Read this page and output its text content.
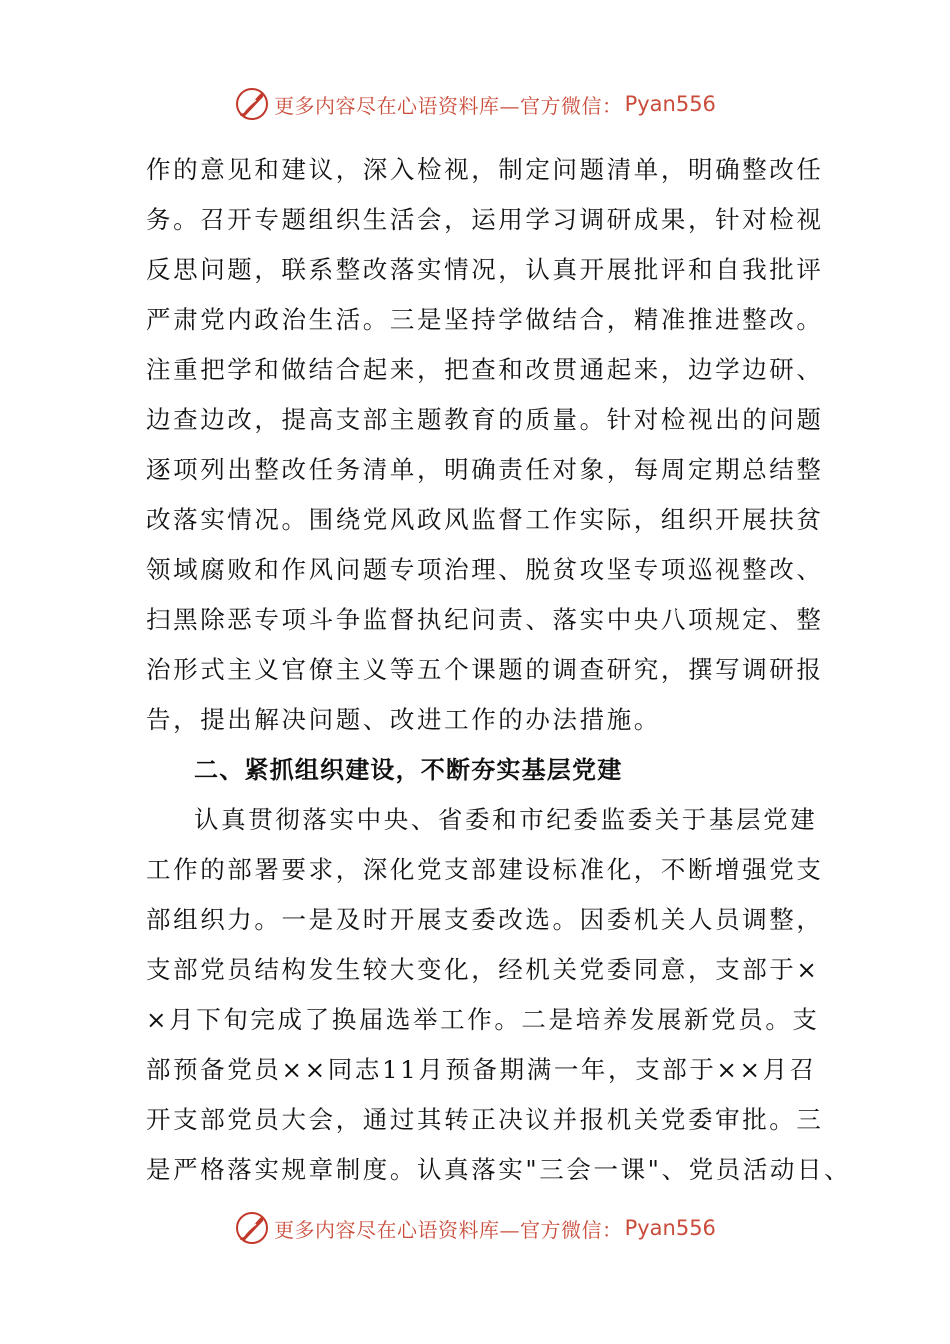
更多内容尽在心语资料库—官方微信： Pyan556
作的意见和建议，深入检视，制定问题清单，明确整改任
务。召开专题组织生活会，运用学习调研成果，针对检视
反思问题，联系整改落实情况，认真开展批评和自我批评
严肃党内政治生活。三是坚持学做结合，精准推进整改。
注重把学和做结合起来，把查和改贯通起来，边学边研、
边查边改，提高支部主题教育的质量。针对检视出的问题
逐项列出整改任务清单，明确责任对象，每周定期总结整
改落实情况。围绕党风政风监督工作实际，组织开展扶贫
领域腐败和作风问题专项治理、脱贫攻坚专项巡视整改、
扫黑除恶专项斗争监督执纪问责、落实中央八项规定、整
治形式主义官僚主义等五个课题的调查研究，撰写调研报
告，提出解决问题、改进工作的办法措施。
二、紧抓组织建设，不断夯实基层党建
认真贯彻落实中央、省委和市纪委监委关于基层党建
工作的部署要求，深化党支部建设标准化，不断增强党支
部组织力。一是及时开展支委改选。因委机关人员调整，
支部党员结构发生较大变化，经机关党委同意，支部于×
×月下旬完成了换届选举工作。二是培养发展新党员。支
部预备党员××同志11月预备期满一年，支部于××月召
开支部党员大会，通过其转正决议并报机关党委审批。三
是严格落实规章制度。认真落实"三会一课"、党员活动日、
更多内容尽在心语资料库—官方微信： Pyan556
